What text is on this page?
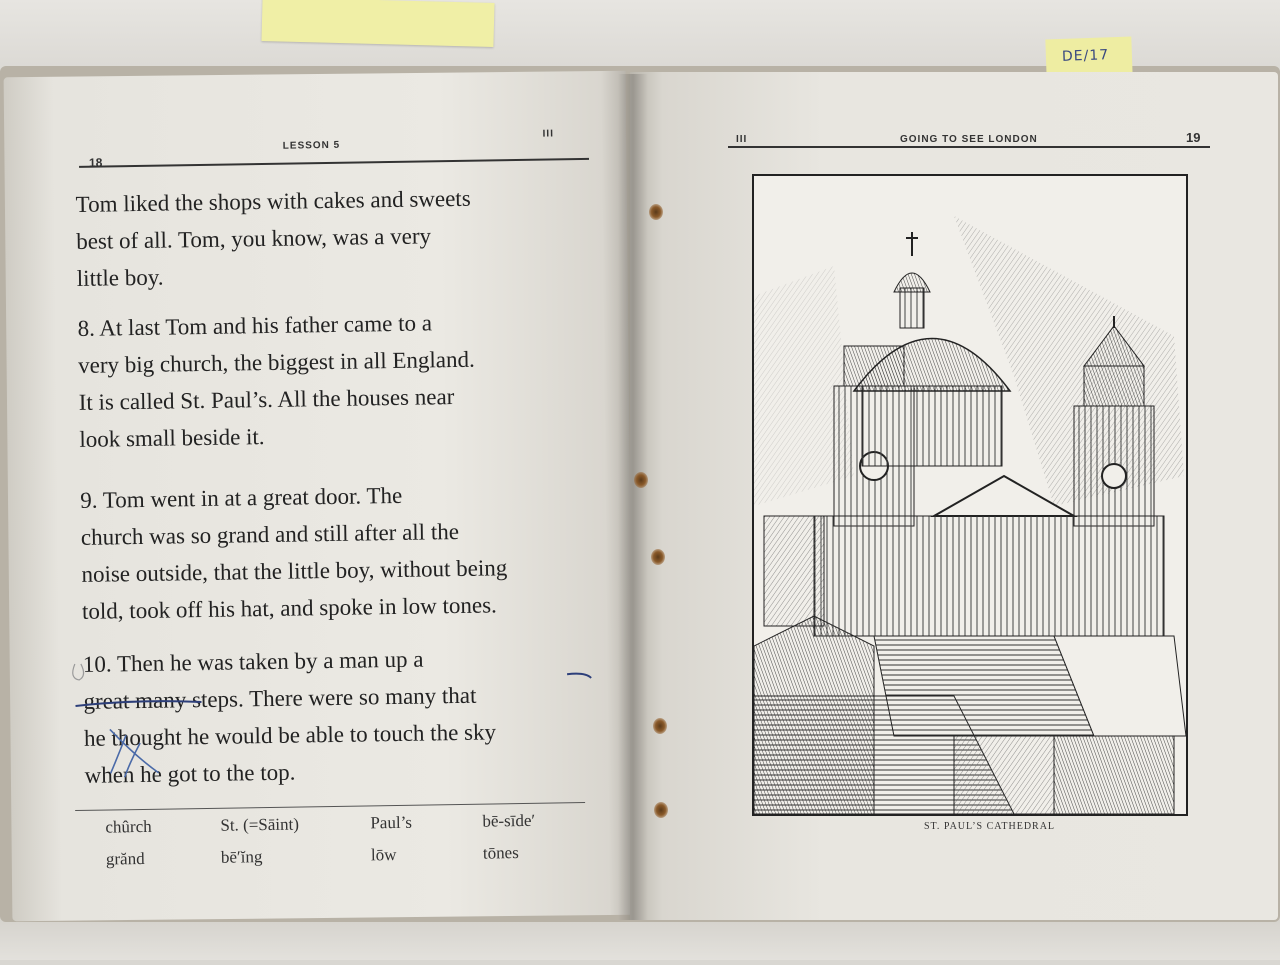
DE/17
18
LESSON 5
III
Tom liked the shops with cakes and sweets
best of all. Tom, you know, was a very
little boy.
8. At last Tom and his father came to a
very big church, the biggest in all England.
It is called St. Paul’s. All the houses near
look small beside it.
9. Tom went in at a great door. The
church was so grand and still after all the
noise outside, that the little boy, without being
told, took off his hat, and spoke in low tones.
10. Then he was taken by a man up a
great many steps. There were so many that
he thought he would be able to touch the sky
when he got to the top.
chûrch	St. (=Sāint)	Paul’s	bē-sīde′
grănd	bē′ĭng	lōw	tōnes
III	GOING TO SEE LONDON	19
ST. PAUL’S CATHEDRAL
